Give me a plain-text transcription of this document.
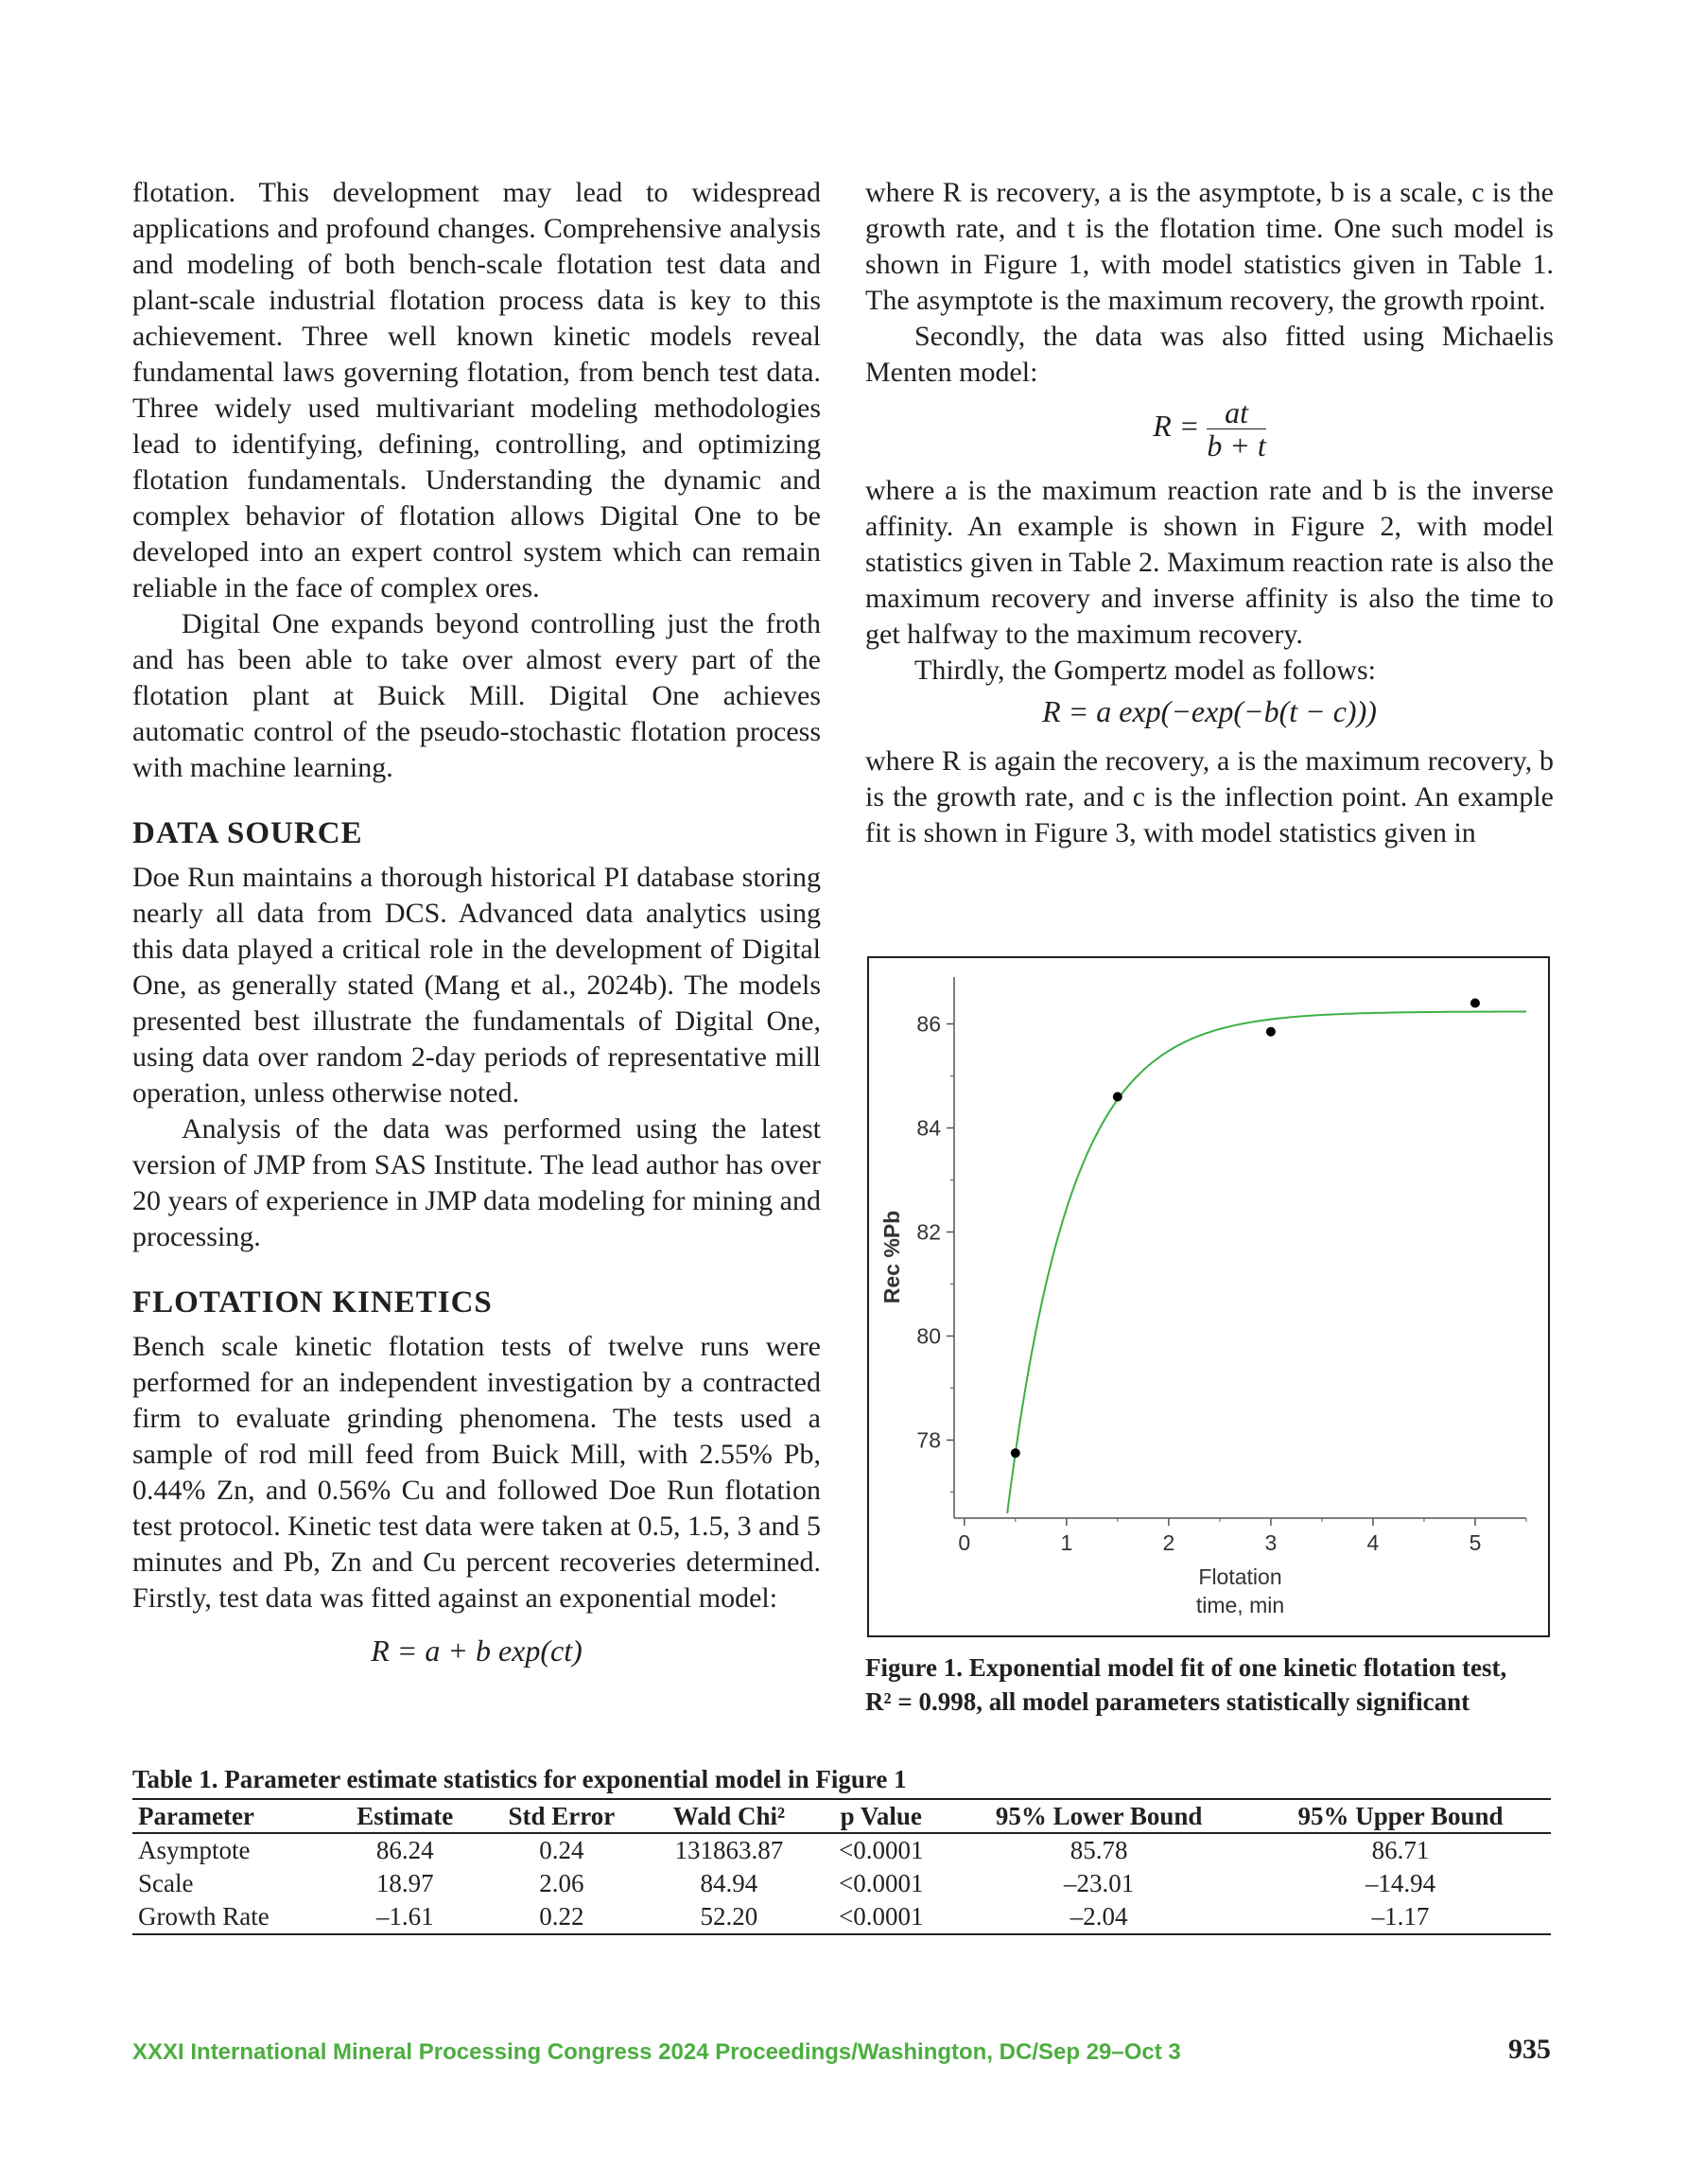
flotation. This development may lead to widespread applications and profound changes. Comprehensive analysis and modeling of both bench-scale flotation test data and plant-scale industrial flotation process data is key to this achievement. Three well known kinetic models reveal fundamental laws governing flotation, from bench test data. Three widely used multivariant modeling methodologies lead to identifying, defining, controlling, and optimizing flotation fundamentals. Understanding the dynamic and complex behavior of flotation allows Digital One to be developed into an expert control system which can remain reliable in the face of complex ores.

Digital One expands beyond controlling just the froth and has been able to take over almost every part of the flotation plant at Buick Mill. Digital One achieves automatic control of the pseudo-stochastic flotation process with machine learning.

DATA SOURCE

Doe Run maintains a thorough historical PI database storing nearly all data from DCS. Advanced data analytics using this data played a critical role in the development of Digital One, as generally stated (Mang et al., 2024b). The models presented best illustrate the fundamentals of Digital One, using data over random 2-day periods of representative mill operation, unless otherwise noted.

Analysis of the data was performed using the latest version of JMP from SAS Institute. The lead author has over 20 years of experience in JMP data modeling for mining and processing.

FLOTATION KINETICS

Bench scale kinetic flotation tests of twelve runs were performed for an independent investigation by a contracted firm to evaluate grinding phenomena. The tests used a sample of rod mill feed from Buick Mill, with 2.55% Pb, 0.44% Zn, and 0.56% Cu and followed Doe Run flotation test protocol. Kinetic test data were taken at 0.5, 1.5, 3 and 5 minutes and Pb, Zn and Cu percent recoveries determined. Firstly, test data was fitted against an exponential model:

R = a + b exp(ct)

where R is recovery, a is the asymptote, b is a scale, c is the growth rate, and t is the flotation time. One such model is shown in Figure 1, with model statistics given in Table 1. The asymptote is the maximum recovery, the growth rpoint.

Secondly, the data was also fitted using Michaelis Menten model:

$R = \frac{at}{b + t}$

where a is the maximum reaction rate and b is the inverse affinity. An example is shown in Figure 2, with model statistics given in Table 2. Maximum reaction rate is also the maximum recovery and inverse affinity is also the time to get halfway to the maximum recovery.

Thirdly, the Gompertz model as follows:

R = a exp(−exp(−b(t − c)))

where R is again the recovery, a is the maximum recovery, b is the growth rate, and c is the inflection point. An example fit is shown in Figure 3, with model statistics given in

78
80
82
84
86
0	1	2	3	4	5
Flotation
time, min
Rec %Pb
Figure 1. Exponential model fit of one kinetic flotation test,
R² = 0.998, all model parameters statistically significant
Table 1. Parameter estimate statistics for exponential model in Figure 1
Parameter	Estimate	Std Error	Wald Chi²	p Value	95% Lower Bound	95% Upper Bound
Asymptote	86.24	0.24	131863.87	<0.0001	85.78	86.71
Scale	18.97	2.06	84.94	<0.0001	–23.01	–14.94
Growth Rate	–1.61	0.22	52.20	<0.0001	–2.04	–1.17
XXXI International Mineral Processing Congress 2024 Proceedings/Washington, DC/Sep 29–Oct 3	935
